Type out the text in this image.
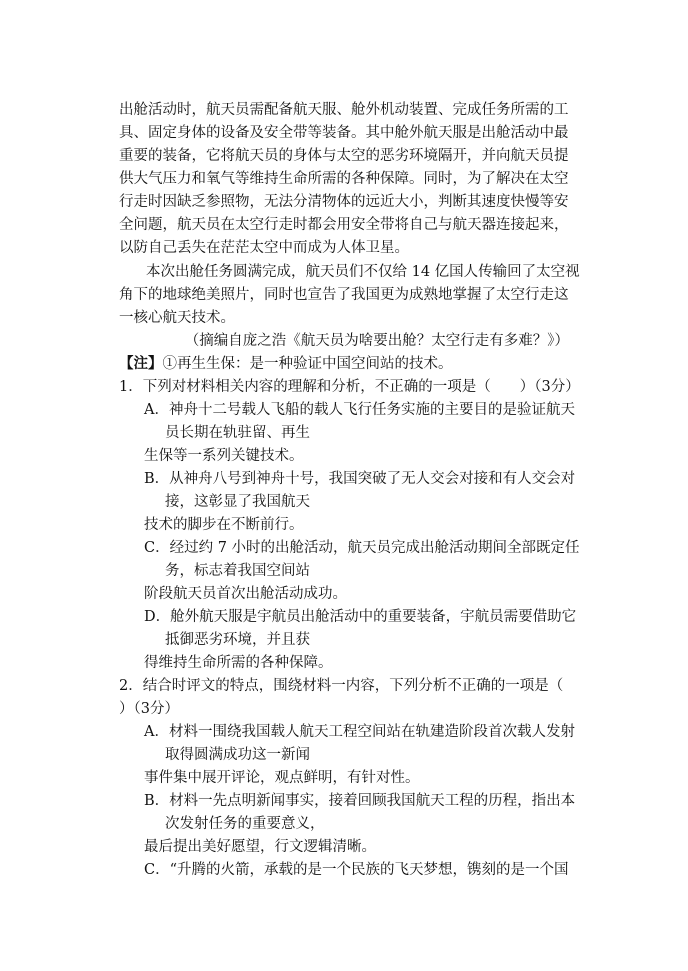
出舱活动时，航天员需配备航天服、舱外机动装置、完成任务所需的工
具、固定身体的设备及安全带等装备。其中舱外航天服是出舱活动中最
重要的装备，它将航天员的身体与太空的恶劣环境隔开，并向航天员提
供大气压力和氧气等维持生命所需的各种保障。同时，为了解决在太空
行走时因缺乏参照物，无法分清物体的远近大小，判断其速度快慢等安
全问题，航天员在太空行走时都会用安全带将自己与航天器连接起来，
以防自己丢失在茫茫太空中而成为人体卫星。
本次出舱任务圆满完成，航天员们不仅给 14 亿国人传输回了太空视
角下的地球绝美照片，同时也宣告了我国更为成熟地掌握了太空行走这
一核心航天技术。
（摘编自庞之浩《航天员为啥要出舱？太空行走有多难？》）
【注】①再生生保：是一种验证中国空间站的技术。
1．下列对材料相关内容的理解和分析，不正确的一项是（　　）（3分）
A．神舟十二号载人飞船的载人飞行任务实施的主要目的是验证航天
员长期在轨驻留、再生
生保等一系列关键技术。
B．从神舟八号到神舟十号，我国突破了无人交会对接和有人交会对
接，这彰显了我国航天
技术的脚步在不断前行。
C．经过约 7 小时的出舱活动，航天员完成出舱活动期间全部既定任
务，标志着我国空间站
阶段航天员首次出舱活动成功。
D．舱外航天服是宇航员出舱活动中的重要装备，宇航员需要借助它
抵御恶劣环境，并且获
得维持生命所需的各种保障。
2．结合时评文的特点，围绕材料一内容，下列分析不正确的一项是（
）（3分）
A．材料一围绕我国载人航天工程空间站在轨建造阶段首次载人发射
取得圆满成功这一新闻
事件集中展开评论，观点鲜明，有针对性。
B．材料一先点明新闻事实，接着回顾我国航天工程的历程，指出本
次发射任务的重要意义，
最后提出美好愿望，行文逻辑清晰。
C．“升腾的火箭，承载的是一个民族的飞天梦想，镌刻的是一个国
